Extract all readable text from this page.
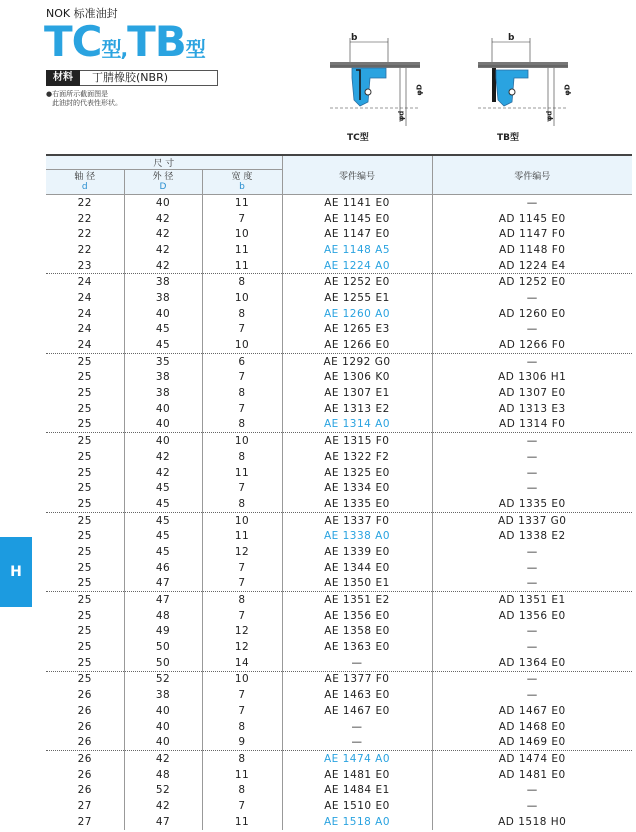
NOK 标准油封
TC型,TB型
材料	丁腈橡胶(NBR)
●右面所示截面图是
此油封的代表性形状。
b
φD
φd
TC型
b
φD
φd
TB型
尺 寸			零件编号	零件编号
轴 径
d	外 径
D	宽 度
b		

22	40	11	AE 1141 E0	—
22	42	7	AE 1145 E0	AD 1145 E0
22	42	10	AE 1147 E0	AD 1147 F0
22	42	11	AE 1148 A5	AD 1148 F0
23	42	11	AE 1224 A0	AD 1224 E4
24	38	8	AE 1252 E0	AD 1252 E0
24	38	10	AE 1255 E1	—
24	40	8	AE 1260 A0	AD 1260 E0
24	45	7	AE 1265 E3	—
24	45	10	AE 1266 E0	AD 1266 F0
25	35	6	AE 1292 G0	—
25	38	7	AE 1306 K0	AD 1306 H1
25	38	8	AE 1307 E1	AD 1307 E0
25	40	7	AE 1313 E2	AD 1313 E3
25	40	8	AE 1314 A0	AD 1314 F0
25	40	10	AE 1315 F0	—
25	42	8	AE 1322 F2	—
25	42	11	AE 1325 E0	—
25	45	7	AE 1334 E0	—
25	45	8	AE 1335 E0	AD 1335 E0
25	45	10	AE 1337 F0	AD 1337 G0
25	45	11	AE 1338 A0	AD 1338 E2
25	45	12	AE 1339 E0	—
25	46	7	AE 1344 E0	—
25	47	7	AE 1350 E1	—
25	47	8	AE 1351 E2	AD 1351 E1
25	48	7	AE 1356 E0	AD 1356 E0
25	49	12	AE 1358 E0	—
25	50	12	AE 1363 E0	—
25	50	14	—	AD 1364 E0
25	52	10	AE 1377 F0	—
26	38	7	AE 1463 E0	—
26	40	7	AE 1467 E0	AD 1467 E0
26	40	8	—	AD 1468 E0
26	40	9	—	AD 1469 E0
26	42	8	AE 1474 A0	AD 1474 E0
26	48	11	AE 1481 E0	AD 1481 E0
26	52	8	AE 1484 E1	—
27	42	7	AE 1510 E0	—
27	47	11	AE 1518 A0	AD 1518 H0
H
